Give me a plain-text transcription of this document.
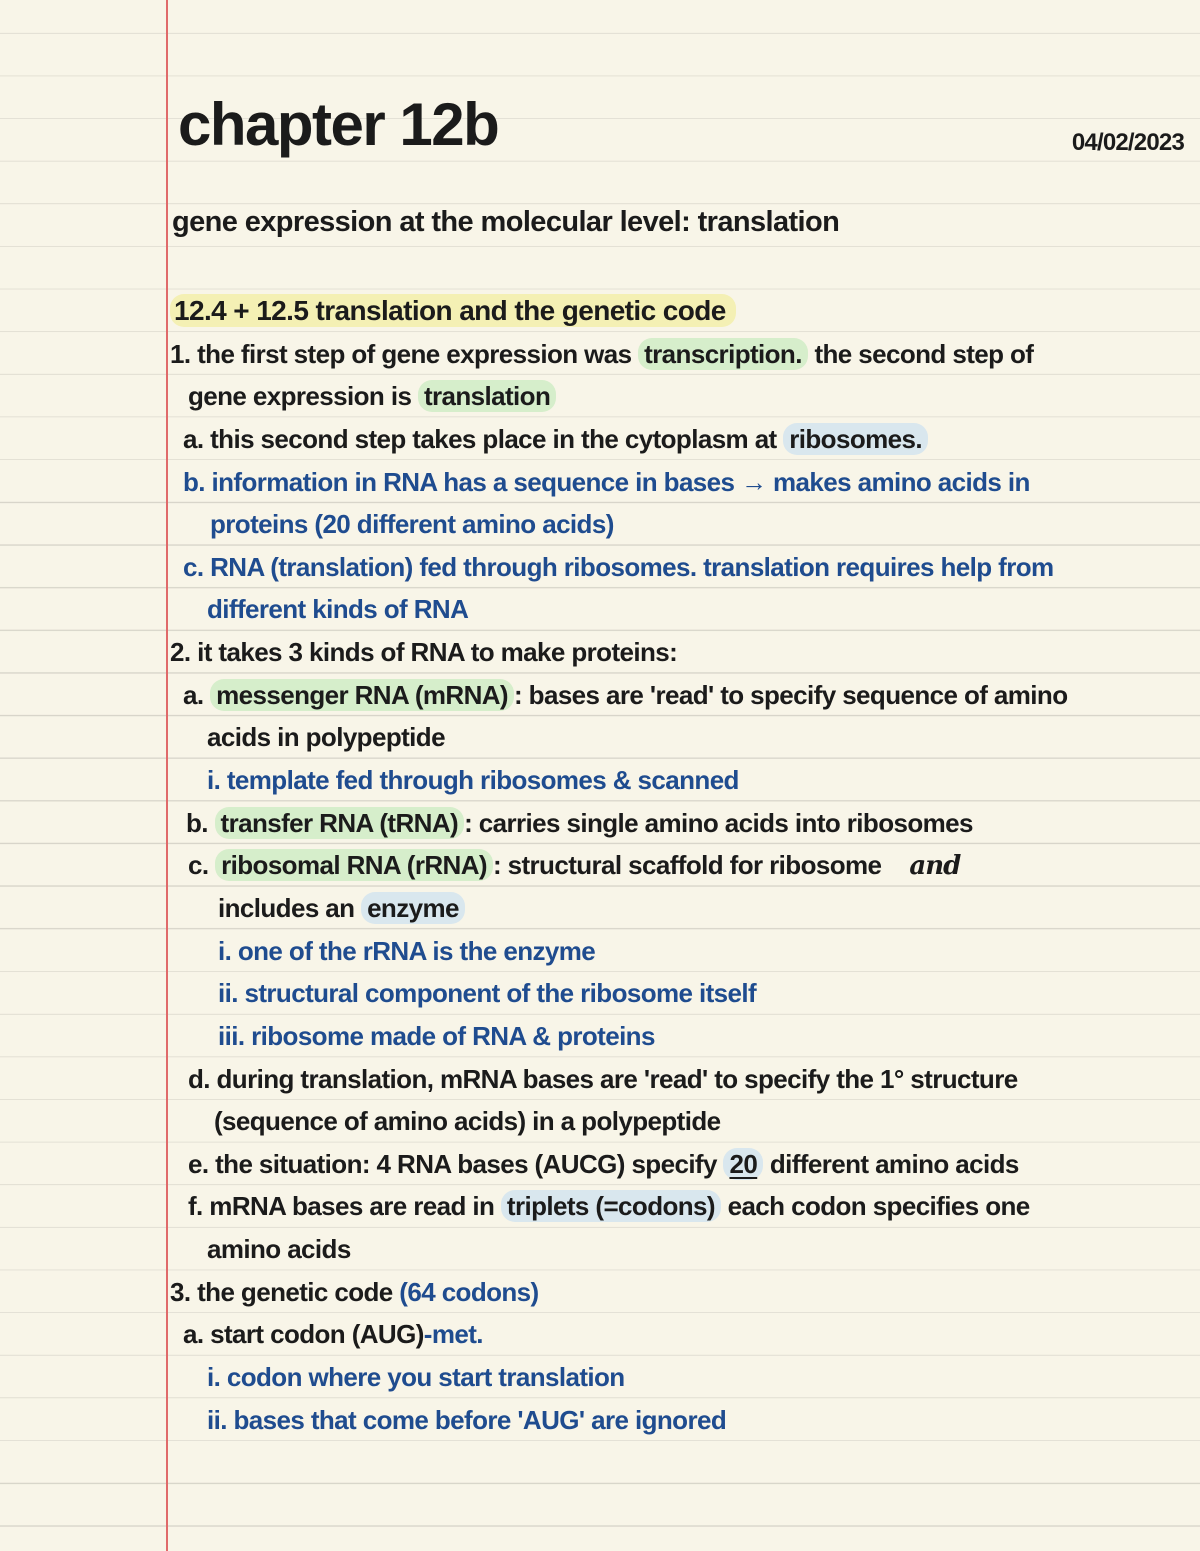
chapter 12b	04/02/2023
gene expression at the molecular level: translation
12.4 + 12.5 translation and the genetic code
1. the first step of gene expression was transcription. the second step of
gene expression is translation
a. this second step takes place in the cytoplasm at ribosomes.
b. information in RNA has a sequence in bases → makes amino acids in
proteins (20 different amino acids)
c. RNA (translation) fed through ribosomes. translation requires help from
different kinds of RNA
2. it takes 3 kinds of RNA to make proteins:
a. messenger RNA (mRNA) : bases are 'read' to specify sequence of amino
acids in polypeptide
i. template fed through ribosomes & scanned
b. transfer RNA (tRNA) : carries single amino acids into ribosomes
c. ribosomal RNA (rRNA) : structural scaffold for ribosome and
includes an enzyme
i. one of the rRNA is the enzyme
ii. structural component of the ribosome itself
iii. ribosome made of RNA & proteins
d. during translation, mRNA bases are 'read' to specify the 1° structure
(sequence of amino acids) in a polypeptide
e. the situation: 4 RNA bases (AUCG) specify 20 different amino acids
f. mRNA bases are read in triplets (=codons) each codon specifies one
amino acids
3. the genetic code (64 codons)
a. start codon (AUG)-met.
i. codon where you start translation
ii. bases that come before 'AUG' are ignored
